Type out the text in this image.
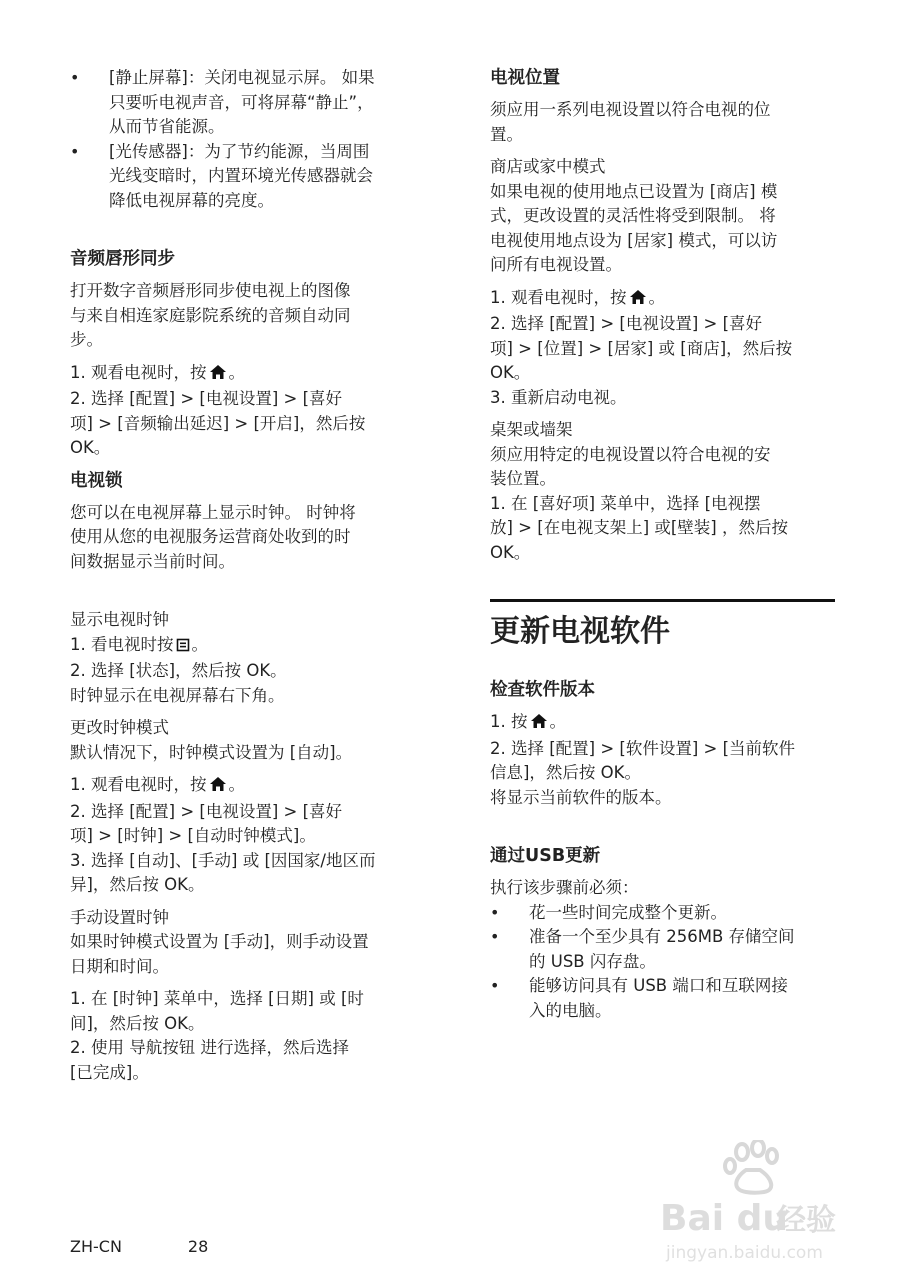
• [静止屏幕]：关闭电视显示屏。 如果
只要听电视声音，可将屏幕“静止”，
从而节省能源。
• [光传感器]：为了节约能源，当周围
光线变暗时，内置环境光传感器就会
降低电视屏幕的亮度。
音频唇形同步
打开数字音频唇形同步使电视上的图像
与来自相连家庭影院系统的音频自动同
步。
1. 观看电视时，按 。
2. 选择 [配置] > [电视设置] > [喜好
项] > [音频输出延迟] > [开启]，然后按
OK。
电视锁
您可以在电视屏幕上显示时钟。 时钟将
使用从您的电视服务运营商处收到的时
间数据显示当前时间。
显示电视时钟
1. 看电视时按 。
2. 选择 [状态]，然后按 OK。
时钟显示在电视屏幕右下角。
更改时钟模式
默认情况下，时钟模式设置为 [自动]。
1. 观看电视时，按 。
2. 选择 [配置] > [电视设置] > [喜好
项] > [时钟] > [自动时钟模式]。
3. 选择 [自动]、[手动] 或 [因国家/地区而
异]，然后按 OK。
手动设置时钟
如果时钟模式设置为 [手动]，则手动设置
日期和时间。
1. 在 [时钟] 菜单中，选择 [日期] 或 [时
间]，然后按 OK。
2. 使用 导航按钮 进行选择，然后选择
[已完成]。
电视位置
须应用一系列电视设置以符合电视的位
置。
商店或家中模式
如果电视的使用地点已设置为 [商店] 模
式，更改设置的灵活性将受到限制。 将
电视使用地点设为 [居家] 模式，可以访
问所有电视设置。
1. 观看电视时，按 。
2. 选择 [配置] > [电视设置] > [喜好
项] > [位置] > [居家] 或 [商店]，然后按
OK。
3. 重新启动电视。
桌架或墙架
须应用特定的电视设置以符合电视的安
装位置。
1. 在 [喜好项] 菜单中，选择 [电视摆
放] > [在电视支架上] 或[壁装] ，然后按
OK。
更新电视软件
检查软件版本
1. 按 。
2. 选择 [配置] > [软件设置] > [当前软件
信息]，然后按 OK。
将显示当前软件的版本。
通过USB更新
执行该步骤前必须：
• 花一些时间完成整个更新。
• 准备一个至少具有 256MB 存储空间
的 USB 闪存盘。
• 能够访问具有 USB 端口和互联网接
入的电脑。
Bai du
经验
jingyan.baidu.com
ZH-CN	28
